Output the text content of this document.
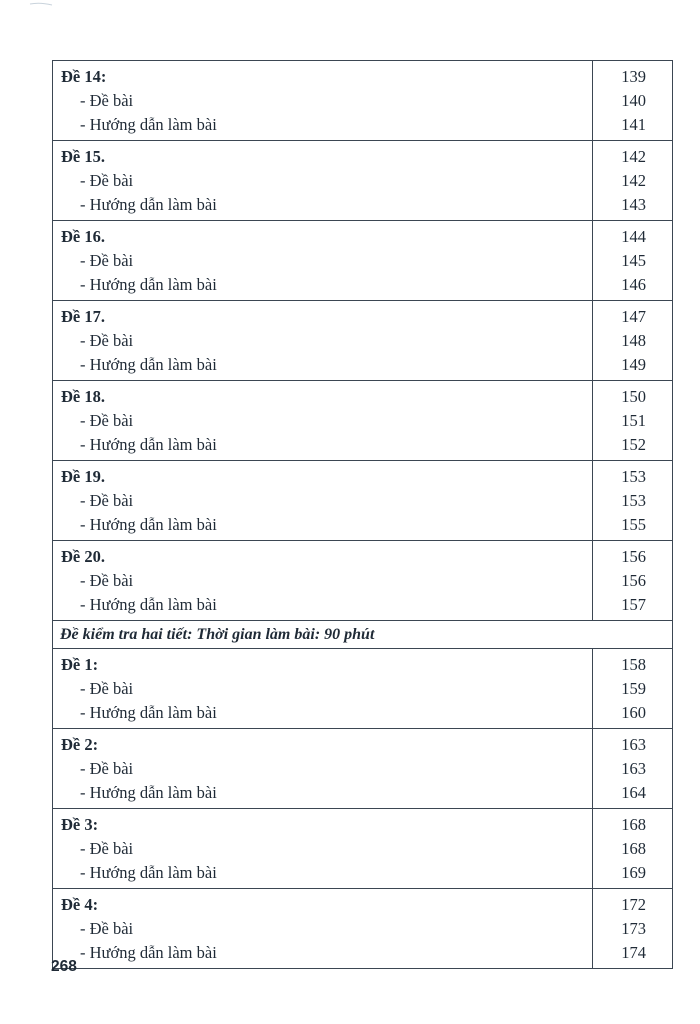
Đề 14:
- Đề bài
- Hướng dẫn làm bài
139
140
141
Đề 15.
- Đề bài
- Hướng dẫn làm bài
142
142
143
Đề 16.
- Đề bài
- Hướng dẫn làm bài
144
145
146
Đề 17.
- Đề bài
- Hướng dẫn làm bài
147
148
149
Đề 18.
- Đề bài
- Hướng dẫn làm bài
150
151
152
Đề 19.
- Đề bài
- Hướng dẫn làm bài
153
153
155
Đề 20.
- Đề bài
- Hướng dẫn làm bài
156
156
157
Đề kiểm tra hai tiết: Thời gian làm bài: 90 phút
Đề 1:
- Đề bài
- Hướng dẫn làm bài
158
159
160
Đề 2:
- Đề bài
- Hướng dẫn làm bài
163
163
164
Đề 3:
- Đề bài
- Hướng dẫn làm bài
168
168
169
Đề 4:
- Đề bài
- Hướng dẫn làm bài
172
173
174
268
